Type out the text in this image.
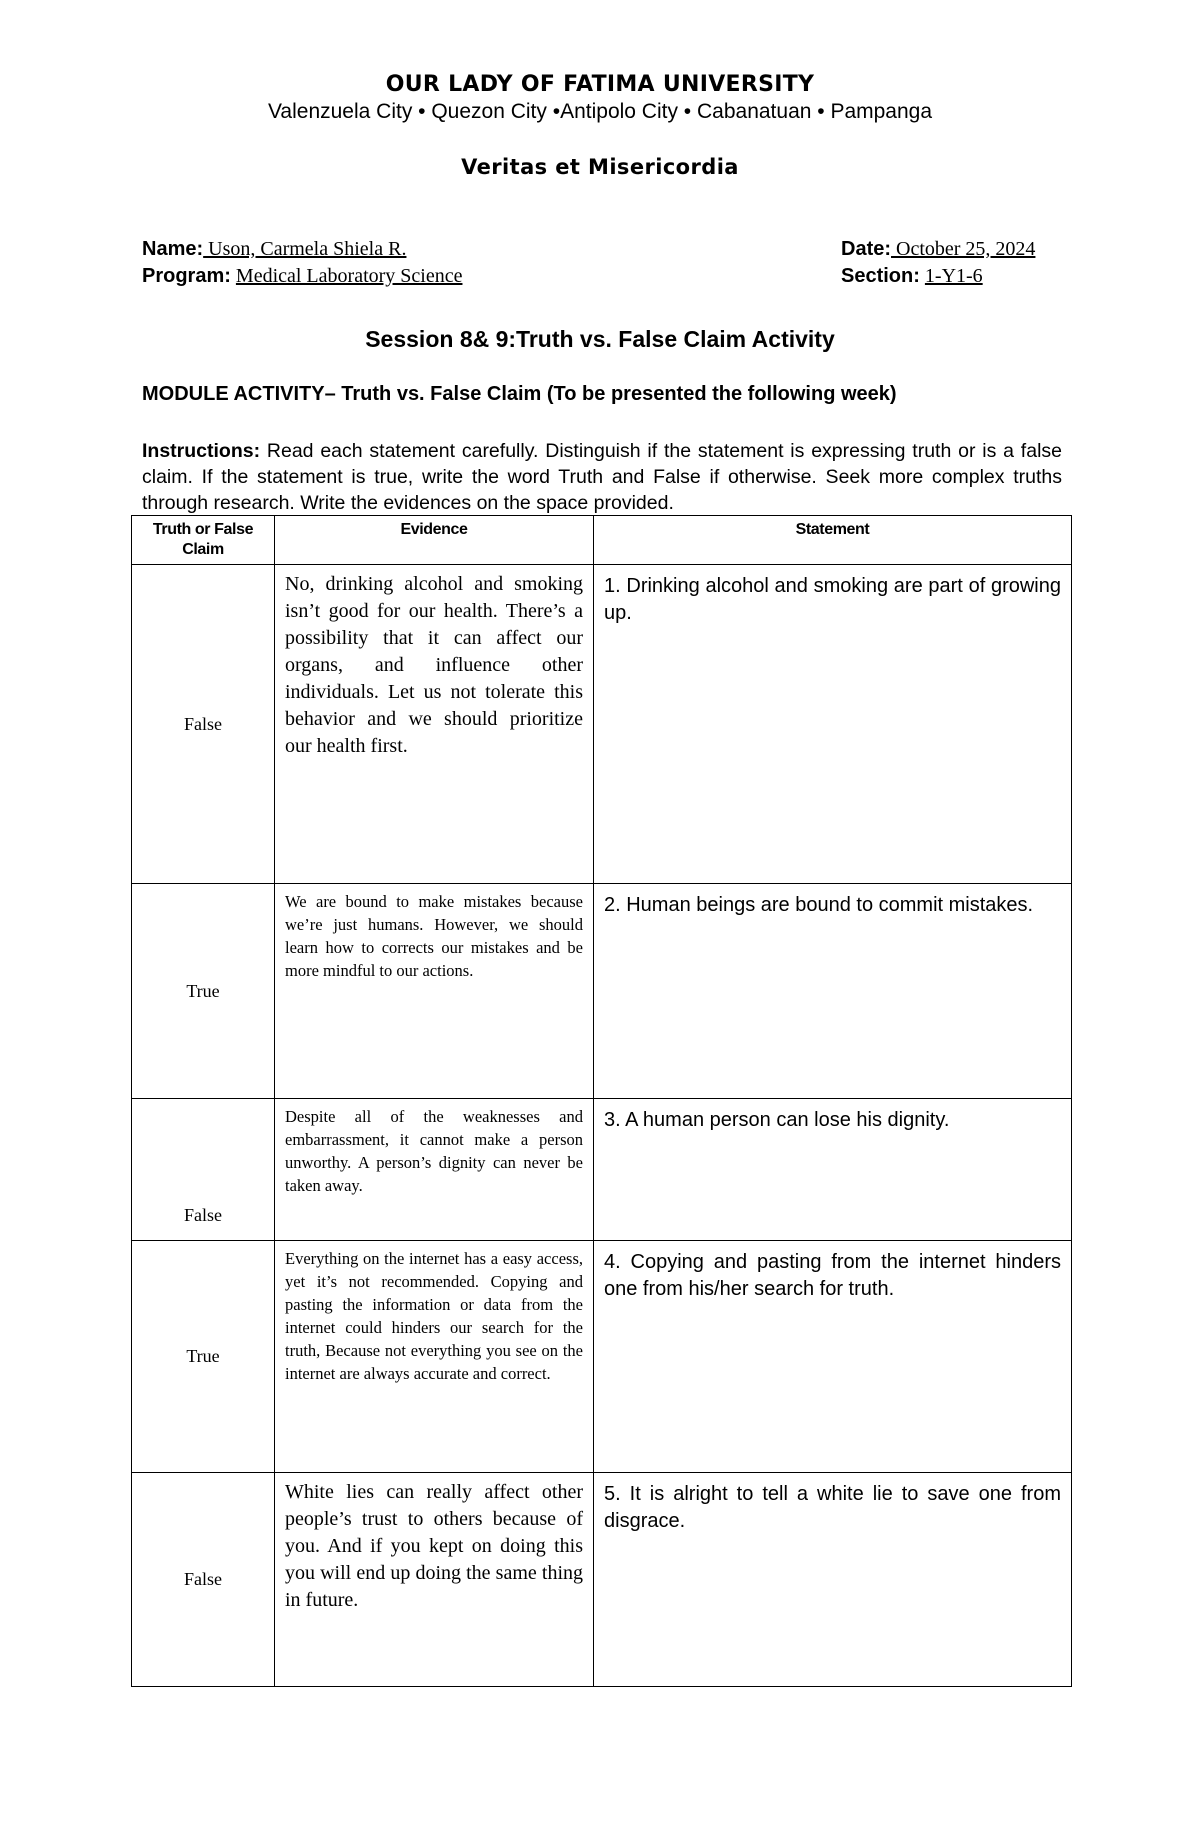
OUR LADY OF FATIMA UNIVERSITY
Valenzuela City • Quezon City •Antipolo City • Cabanatuan • Pampanga
Veritas et Misericordia
Name: Uson, Carmela Shiela R.
Program: Medical Laboratory Science
Date: October 25, 2024
Section: 1-Y1-6
Session 8& 9:Truth vs. False Claim Activity
MODULE ACTIVITY– Truth vs. False Claim (To be presented the following week)
Instructions: Read each statement carefully. Distinguish if the statement is expressing truth or is a false claim. If the statement is true, write the word Truth and False if otherwise. Seek more complex truths through research. Write the evidences on the space provided.
Truth or False Claim	Evidence	Statement
False	No, drinking alcohol and smoking isn’t good for our health. There’s a possibility that it can affect our organs, and influence other individuals. Let us not tolerate this behavior and we should prioritize our health first.	1. Drinking alcohol and smoking are part of growing up.
True	We are bound to make mistakes because we’re just humans. However, we should learn how to corrects our mistakes and be more mindful to our actions.	2. Human beings are bound to commit mistakes.
False	Despite all of the weaknesses and embarrassment, it cannot make a person unworthy. A person’s dignity can never be taken away.	3. A human person can lose his dignity.
True	Everything on the internet has a easy access, yet it’s not recommended. Copying and pasting the information or data from the internet could hinders our search for the truth, Because not everything you see on the internet are always accurate and correct.	4. Copying and pasting from the internet hinders one from his/her search for truth.
False	White lies can really affect other people’s trust to others because of you. And if you kept on doing this you will end up doing the same thing in future.	5. It is alright to tell a white lie to save one from disgrace.
